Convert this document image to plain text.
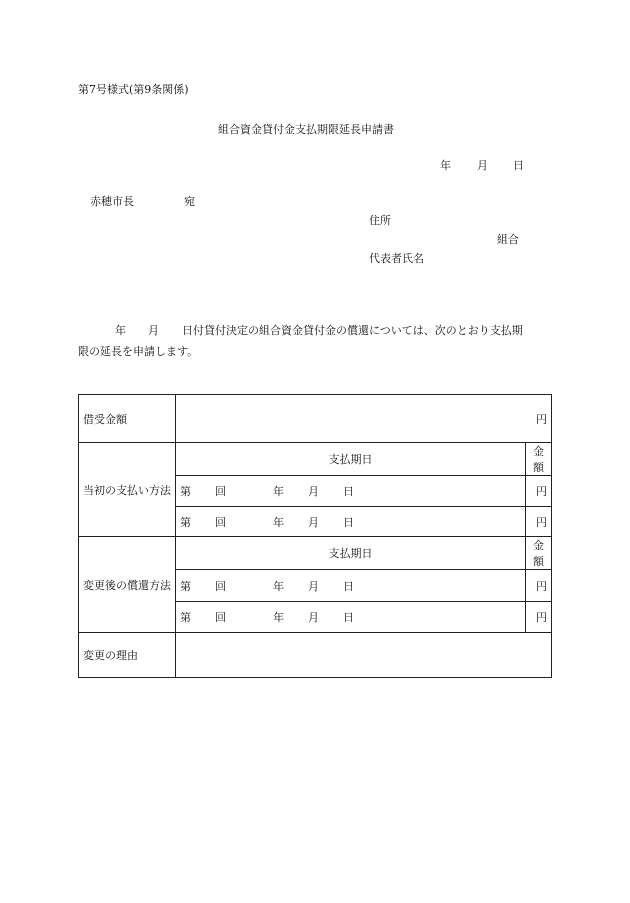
第7号様式(第9条関係)
組合資金貸付金支払期限延長申請書
年 月 日
赤穂市長	宛
住所
組合
代表者氏名
年 月 日付貸付決定の組合資金貸付金の償還については、次のとおり支払期
限の延長を申請します。
借受金額	円	
当初の支払い方法	支払期日	金額
	第 回 年 月 日	円
	第 回 年 月 日	円
変更後の償還方法	支払期日	金額
	第 回 年 月 日	円
	第 回 年 月 日	円
変更の理由		
